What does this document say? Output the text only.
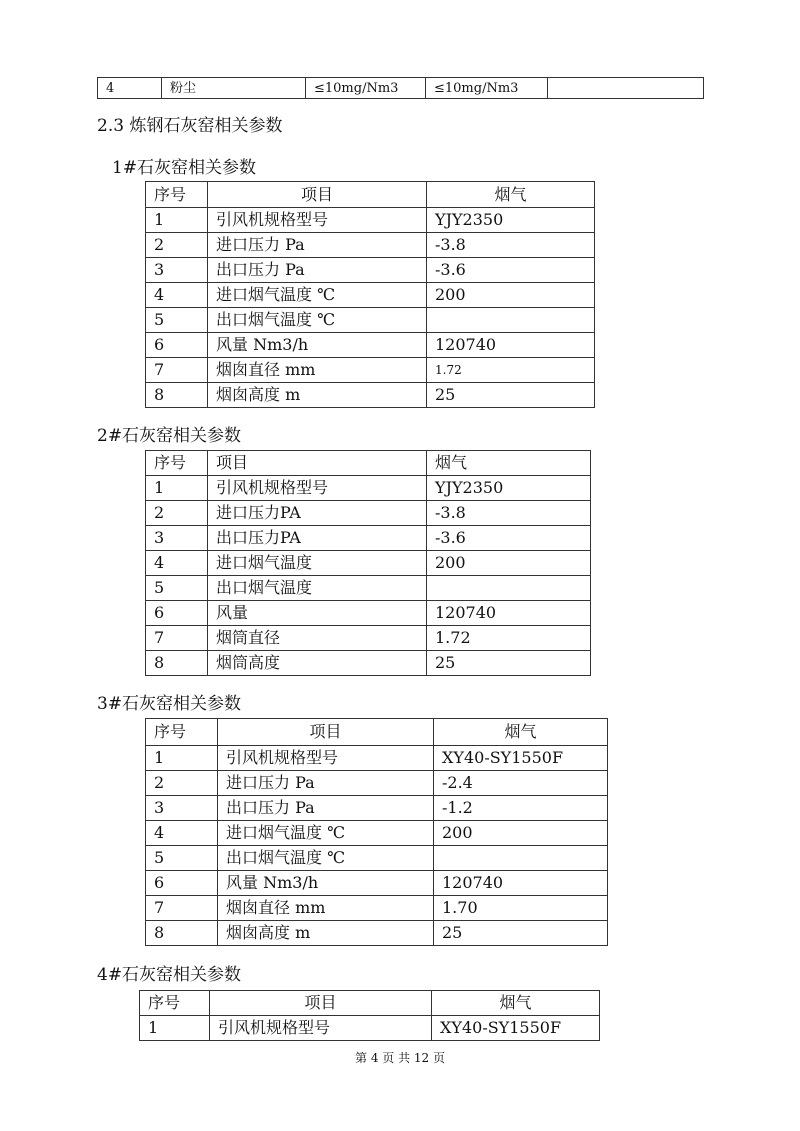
4	粉尘	≤10mg/Nm3	≤10mg/Nm3	
2.3 炼钢石灰窑相关参数
1#石灰窑相关参数
序号	项目	烟气
1	引风机规格型号	YJY2350
2	进口压力 Pa	-3.8
3	出口压力 Pa	-3.6
4	进口烟气温度 ℃	200
5	出口烟气温度 ℃	
6	风量 Nm3/h	120740
7	烟囱直径 mm	1.72
8	烟囱高度 m	25
2#石灰窑相关参数
序号	项目	烟气
1	引风机规格型号	YJY2350
2	进口压力PA	-3.8
3	出口压力PA	-3.6
4	进口烟气温度	200
5	出口烟气温度	
6	风量	120740
7	烟筒直径	1.72
8	烟筒高度	25
3#石灰窑相关参数
序号	项目	烟气
1	引风机规格型号	XY40-SY1550F
2	进口压力 Pa	-2.4
3	出口压力 Pa	-1.2
4	进口烟气温度 ℃	200
5	出口烟气温度 ℃	
6	风量 Nm3/h	120740
7	烟囱直径 mm	1.70
8	烟囱高度 m	25
4#石灰窑相关参数
序号	项目	烟气
1	引风机规格型号	XY40-SY1550F
第 4 页 共 12 页
